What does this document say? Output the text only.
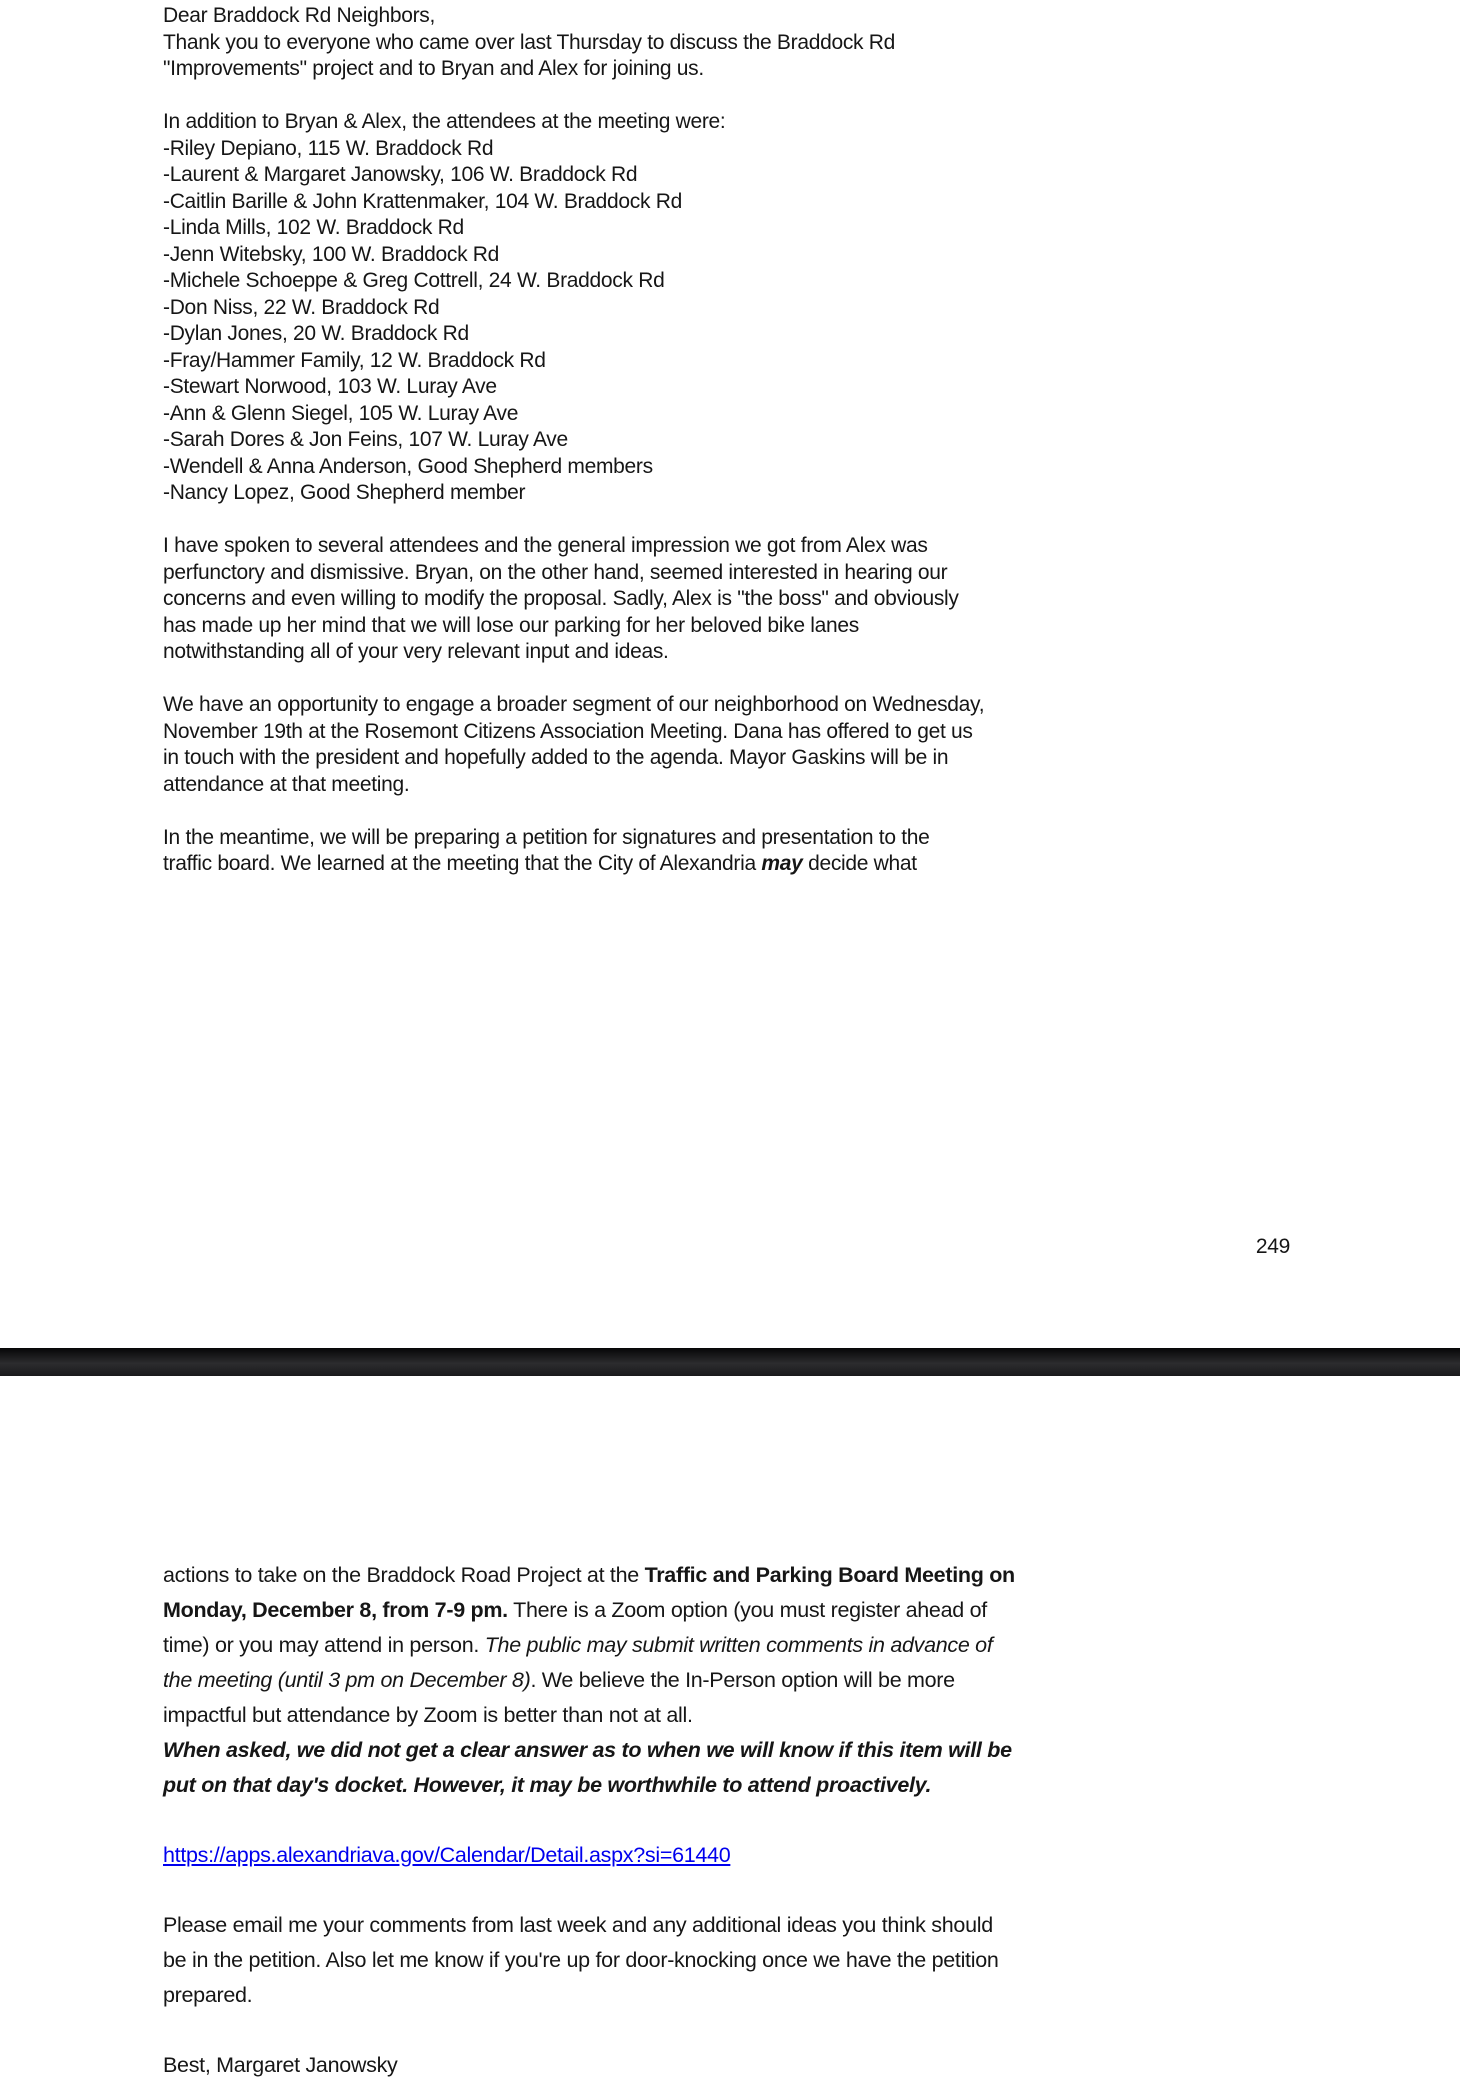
Dear Braddock Rd Neighbors,
Thank you to everyone who came over last Thursday to discuss the Braddock Rd
"Improvements" project and to Bryan and Alex for joining us.
In addition to Bryan & Alex, the attendees at the meeting were:
-Riley Depiano, 115 W. Braddock Rd
-Laurent & Margaret Janowsky, 106 W. Braddock Rd
-Caitlin Barille & John Krattenmaker, 104 W. Braddock Rd
-Linda Mills, 102 W. Braddock Rd
-Jenn Witebsky, 100 W. Braddock Rd
-Michele Schoeppe & Greg Cottrell, 24 W. Braddock Rd
-Don Niss, 22 W. Braddock Rd
-Dylan Jones, 20 W. Braddock Rd
-Fray/Hammer Family, 12 W. Braddock Rd
-Stewart Norwood, 103 W. Luray Ave
-Ann & Glenn Siegel, 105 W. Luray Ave
-Sarah Dores & Jon Feins, 107 W. Luray Ave
-Wendell & Anna Anderson, Good Shepherd members
-Nancy Lopez, Good Shepherd member
I have spoken to several attendees and the general impression we got from Alex was
perfunctory and dismissive. Bryan, on the other hand, seemed interested in hearing our
concerns and even willing to modify the proposal. Sadly, Alex is "the boss" and obviously
has made up her mind that we will lose our parking for her beloved bike lanes
notwithstanding all of your very relevant input and ideas.
We have an opportunity to engage a broader segment of our neighborhood on Wednesday,
November 19th at the Rosemont Citizens Association Meeting. Dana has offered to get us
in touch with the president and hopefully added to the agenda. Mayor Gaskins will be in
attendance at that meeting.
In the meantime, we will be preparing a petition for signatures and presentation to the
traffic board. We learned at the meeting that the City of Alexandria may decide what
249
actions to take on the Braddock Road Project at the Traffic and Parking Board Meeting on
Monday, December 8, from 7-9 pm. There is a Zoom option (you must register ahead of
time) or you may attend in person. The public may submit written comments in advance of
the meeting (until 3 pm on December 8). We believe the In-Person option will be more
impactful but attendance by Zoom is better than not at all.
When asked, we did not get a clear answer as to when we will know if this item will be
put on that day's docket. However, it may be worthwhile to attend proactively.
https://apps.alexandriava.gov/Calendar/Detail.aspx?si=61440
Please email me your comments from last week and any additional ideas you think should
be in the petition. Also let me know if you're up for door-knocking once we have the petition
prepared.
Best, Margaret Janowsky
